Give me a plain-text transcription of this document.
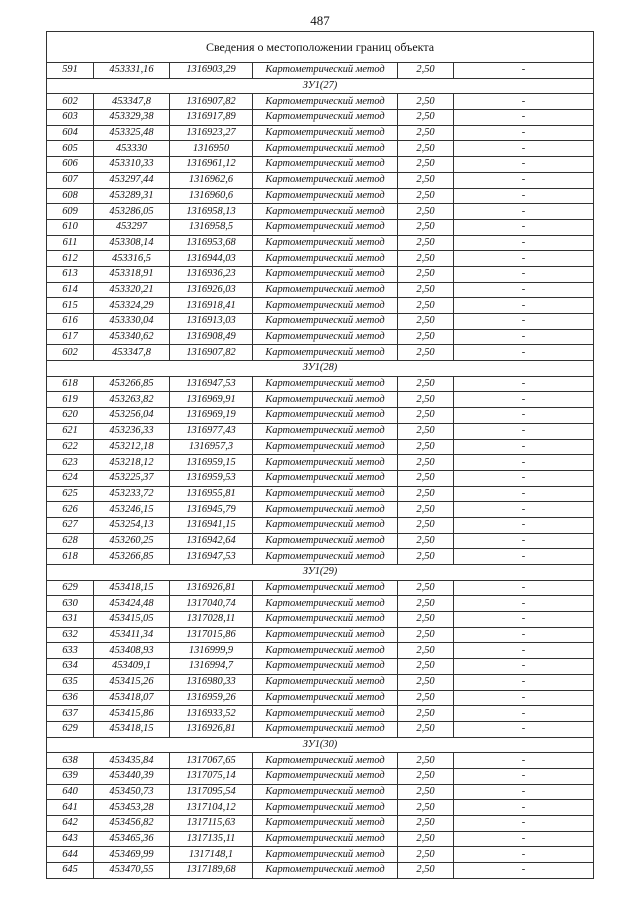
487
Сведения о местоположении границ объекта					
591	453331,16	1316903,29	Картометрический метод	2,50	-
ЗУ1(27)					
602	453347,8	1316907,82	Картометрический метод	2,50	-
603	453329,38	1316917,89	Картометрический метод	2,50	-
604	453325,48	1316923,27	Картометрический метод	2,50	-
605	453330	1316950	Картометрический метод	2,50	-
606	453310,33	1316961,12	Картометрический метод	2,50	-
607	453297,44	1316962,6	Картометрический метод	2,50	-
608	453289,31	1316960,6	Картометрический метод	2,50	-
609	453286,05	1316958,13	Картометрический метод	2,50	-
610	453297	1316958,5	Картометрический метод	2,50	-
611	453308,14	1316953,68	Картометрический метод	2,50	-
612	453316,5	1316944,03	Картометрический метод	2,50	-
613	453318,91	1316936,23	Картометрический метод	2,50	-
614	453320,21	1316926,03	Картометрический метод	2,50	-
615	453324,29	1316918,41	Картометрический метод	2,50	-
616	453330,04	1316913,03	Картометрический метод	2,50	-
617	453340,62	1316908,49	Картометрический метод	2,50	-
602	453347,8	1316907,82	Картометрический метод	2,50	-
ЗУ1(28)					
618	453266,85	1316947,53	Картометрический метод	2,50	-
619	453263,82	1316969,91	Картометрический метод	2,50	-
620	453256,04	1316969,19	Картометрический метод	2,50	-
621	453236,33	1316977,43	Картометрический метод	2,50	-
622	453212,18	1316957,3	Картометрический метод	2,50	-
623	453218,12	1316959,15	Картометрический метод	2,50	-
624	453225,37	1316959,53	Картометрический метод	2,50	-
625	453233,72	1316955,81	Картометрический метод	2,50	-
626	453246,15	1316945,79	Картометрический метод	2,50	-
627	453254,13	1316941,15	Картометрический метод	2,50	-
628	453260,25	1316942,64	Картометрический метод	2,50	-
618	453266,85	1316947,53	Картометрический метод	2,50	-
ЗУ1(29)					
629	453418,15	1316926,81	Картометрический метод	2,50	-
630	453424,48	1317040,74	Картометрический метод	2,50	-
631	453415,05	1317028,11	Картометрический метод	2,50	-
632	453411,34	1317015,86	Картометрический метод	2,50	-
633	453408,93	1316999,9	Картометрический метод	2,50	-
634	453409,1	1316994,7	Картометрический метод	2,50	-
635	453415,26	1316980,33	Картометрический метод	2,50	-
636	453418,07	1316959,26	Картометрический метод	2,50	-
637	453415,86	1316933,52	Картометрический метод	2,50	-
629	453418,15	1316926,81	Картометрический метод	2,50	-
ЗУ1(30)					
638	453435,84	1317067,65	Картометрический метод	2,50	-
639	453440,39	1317075,14	Картометрический метод	2,50	-
640	453450,73	1317095,54	Картометрический метод	2,50	-
641	453453,28	1317104,12	Картометрический метод	2,50	-
642	453456,82	1317115,63	Картометрический метод	2,50	-
643	453465,36	1317135,11	Картометрический метод	2,50	-
644	453469,99	1317148,1	Картометрический метод	2,50	-
645	453470,55	1317189,68	Картометрический метод	2,50	-
